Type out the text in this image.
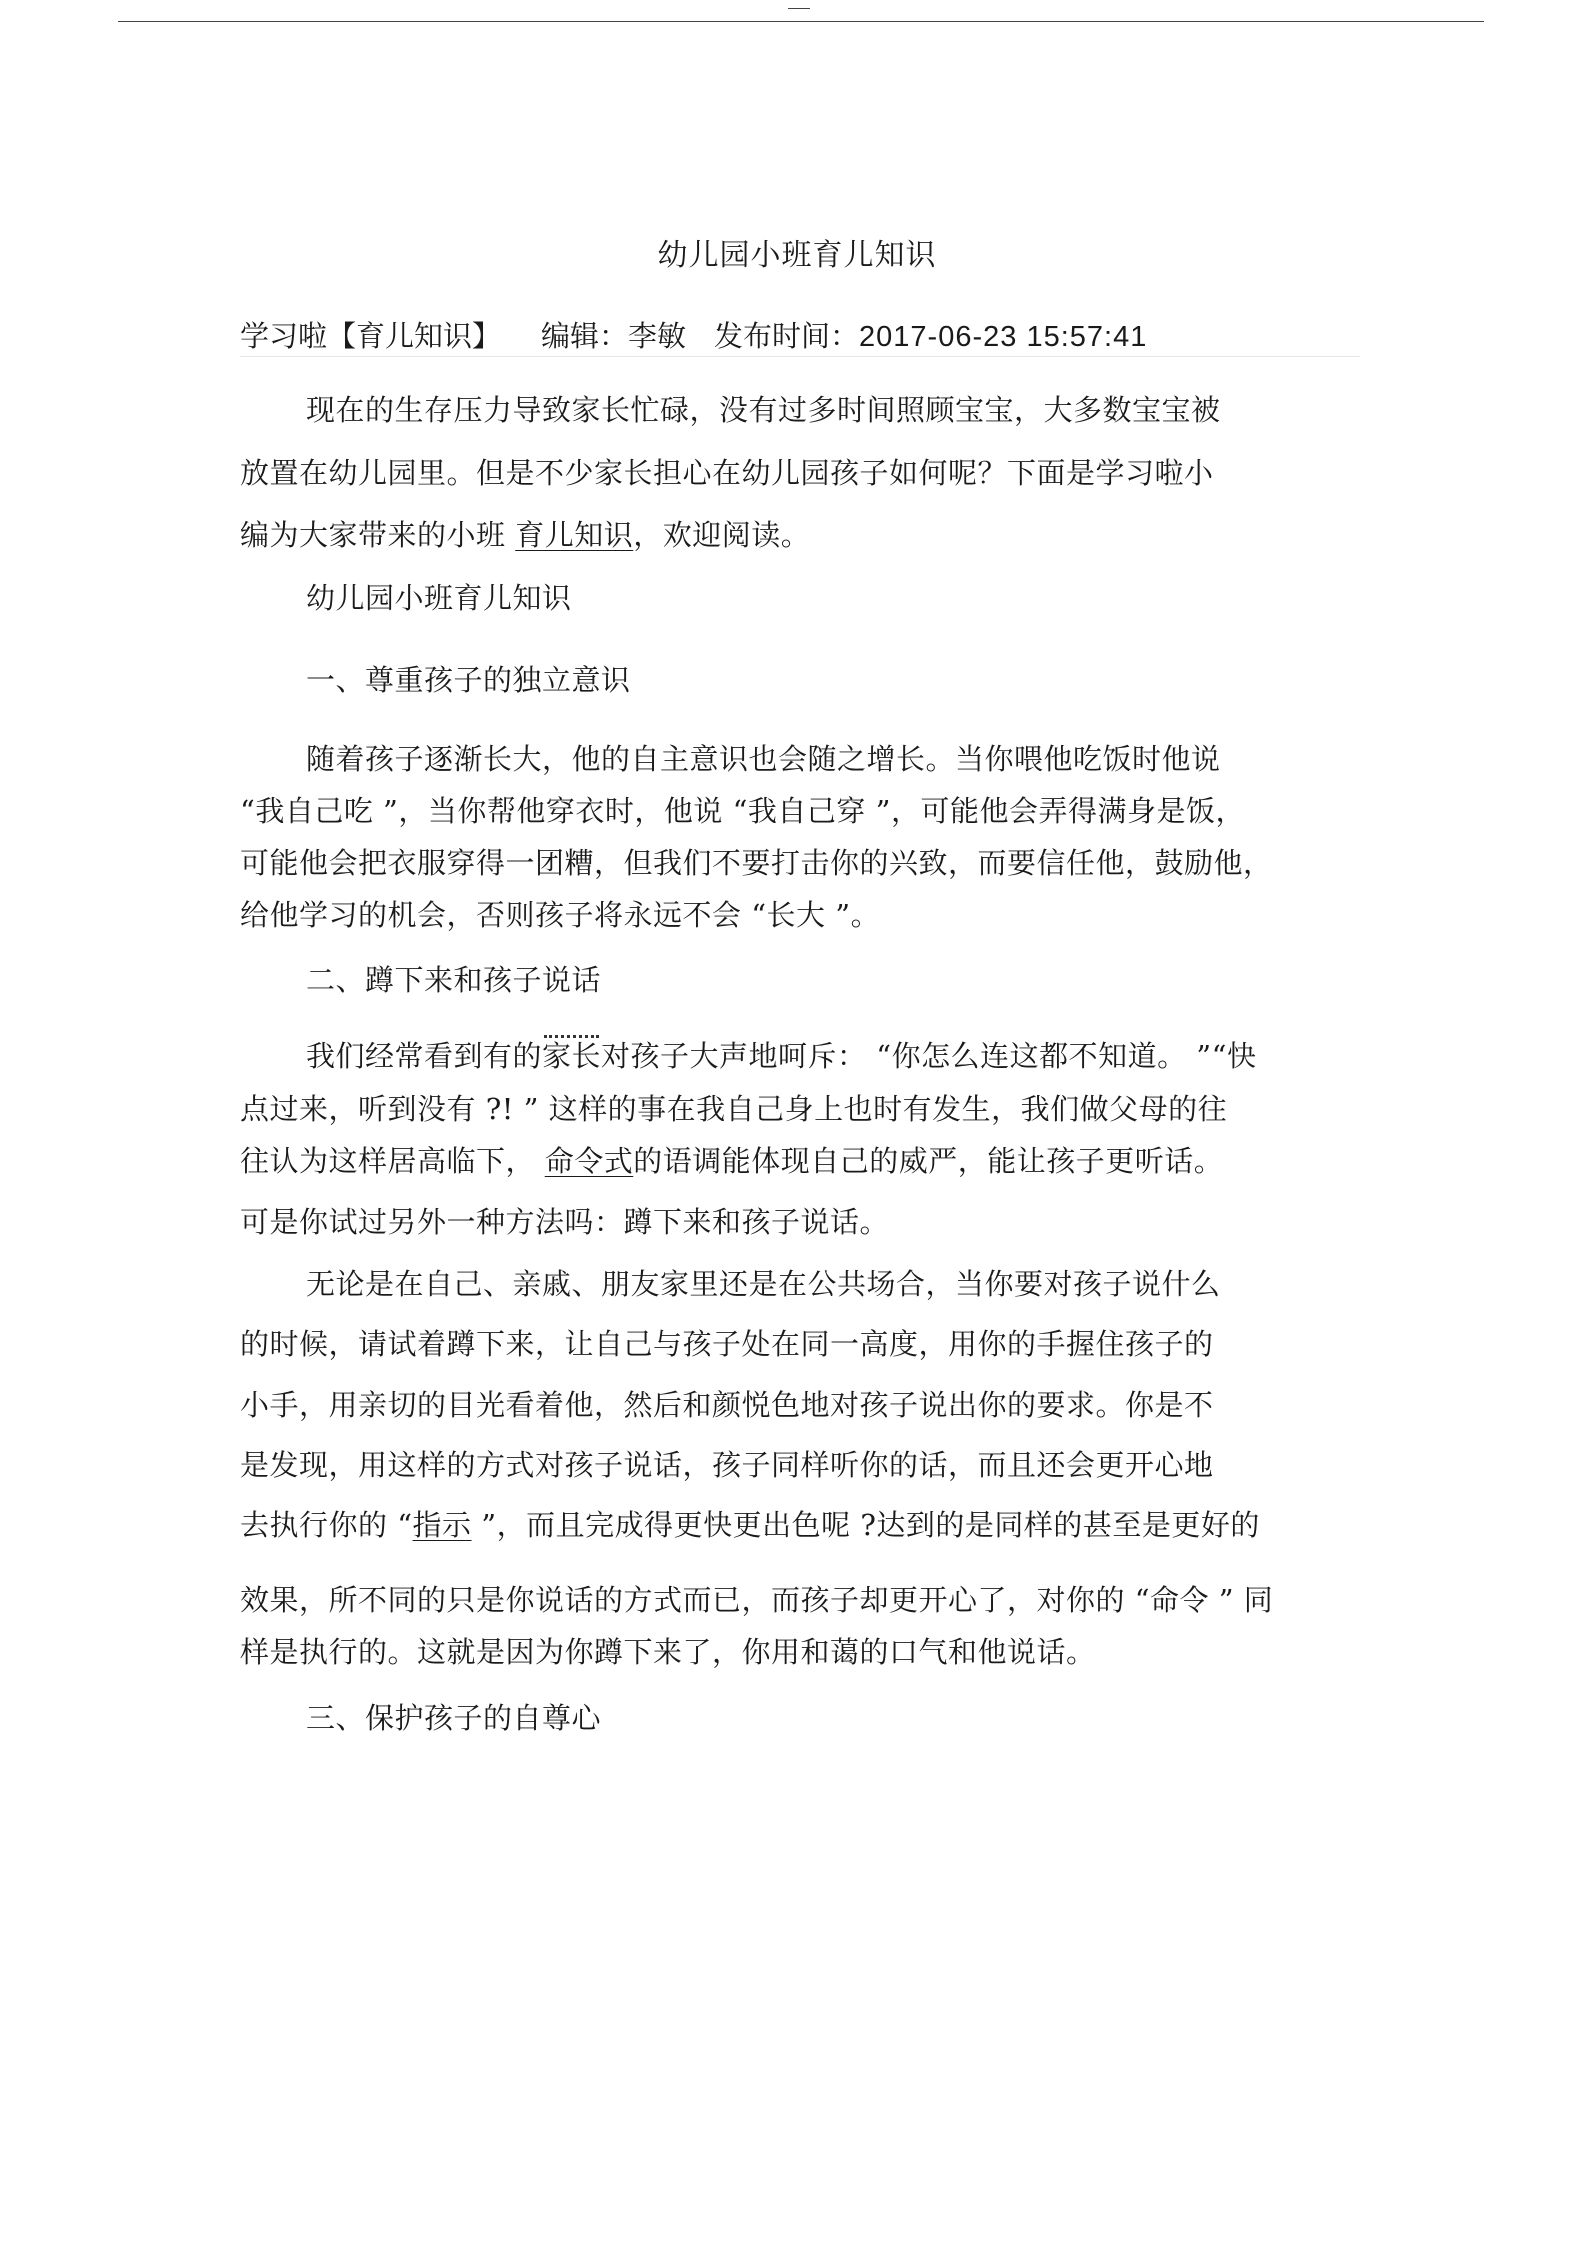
幼儿园小班育儿知识
学习啦【育儿知识】 编辑：李敏 发布时间：2017-06-23 15:57:41
现在的生存压力导致家长忙碌，没有过多时间照顾宝宝，大多数宝宝被
放置在幼儿园里。但是不少家长担心在幼儿园孩子如何呢？下面是学习啦小
编为大家带来的小班 育儿知识，欢迎阅读。
幼儿园小班育儿知识
一、尊重孩子的独立意识
随着孩子逐渐长大，他的自主意识也会随之增长。当你喂他吃饭时他说
“我自己吃 ”，当你帮他穿衣时，他说 “我自己穿 ”，可能他会弄得满身是饭，
可能他会把衣服穿得一团糟，但我们不要打击你的兴致，而要信任他，鼓励他，
给他学习的机会，否则孩子将永远不会 “长大 ”。
二、蹲下来和孩子说话
我们经常看到有的家长对孩子大声地呵斥： “你怎么连这都不知道。 ”“快
点过来，听到没有 ?! ” 这样的事在我自己身上也时有发生，我们做父母的往
往认为这样居高临下， 命令式的语调能体现自己的威严，能让孩子更听话。
可是你试过另外一种方法吗：蹲下来和孩子说话。
无论是在自己、亲戚、朋友家里还是在公共场合，当你要对孩子说什么
的时候，请试着蹲下来，让自己与孩子处在同一高度，用你的手握住孩子的
小手，用亲切的目光看着他，然后和颜悦色地对孩子说出你的要求。你是不
是发现，用这样的方式对孩子说话，孩子同样听你的话，而且还会更开心地
去执行你的 “指示 ”，而且完成得更快更出色呢 ?达到的是同样的甚至是更好的
效果，所不同的只是你说话的方式而已，而孩子却更开心了，对你的 “命令 ” 同
样是执行的。这就是因为你蹲下来了，你用和蔼的口气和他说话。
三、保护孩子的自尊心
